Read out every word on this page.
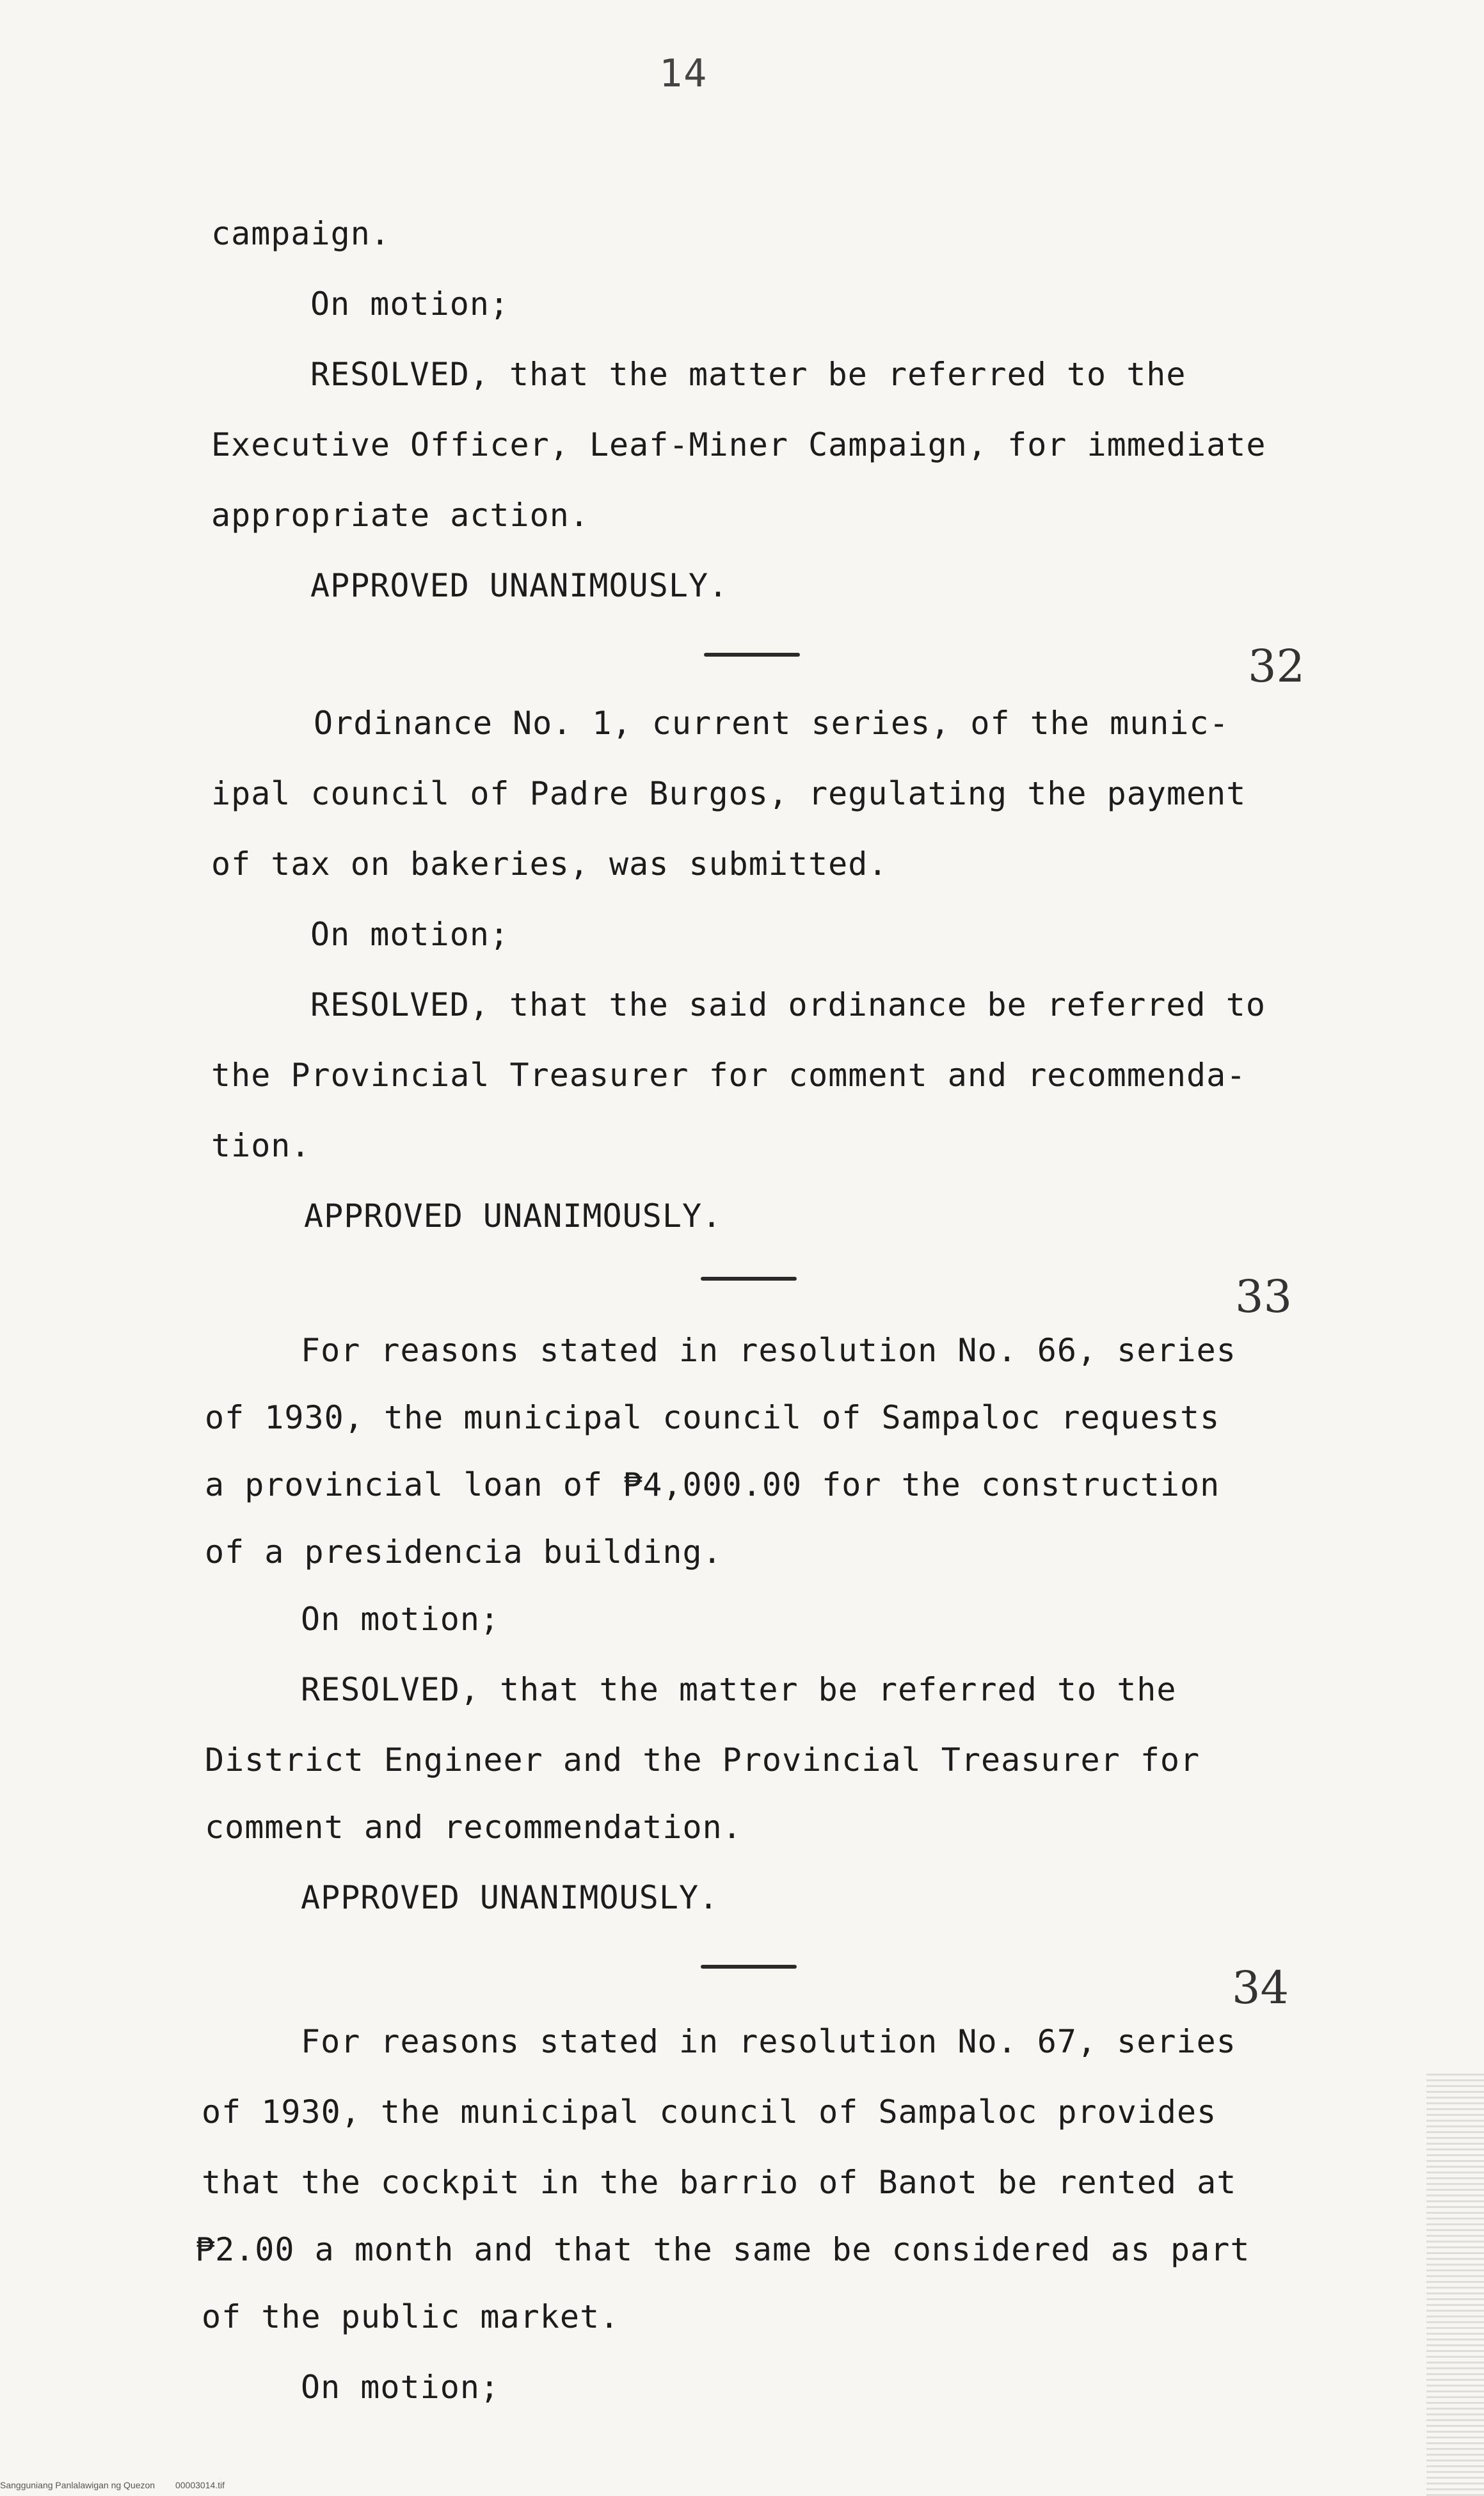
14
campaign.
On motion;
RESOLVED, that the matter be referred to the
Executive Officer, Leaf-Miner Campaign, for immediate
appropriate action.
APPROVED UNANIMOUSLY.
32
Ordinance No. 1, current series, of the munic-
ipal council of Padre Burgos, regulating the payment
of tax on bakeries, was submitted.
On motion;
RESOLVED, that the said ordinance be referred to
the Provincial Treasurer for comment and recommenda-
tion.
APPROVED UNANIMOUSLY.
33
For reasons stated in resolution No. 66, series
of 1930, the municipal council of Sampaloc requests
a provincial loan of ₱4,000.00 for the construction
of a presidencia building.
On motion;
RESOLVED, that the matter be referred to the
District Engineer and the Provincial Treasurer for
comment and recommendation.
APPROVED UNANIMOUSLY.
34
For reasons stated in resolution No. 67, series
of 1930, the municipal council of Sampaloc provides
that the cockpit in the barrio of Banot be rented at
₱2.00 a month and that the same be considered as part
of the public market.
On motion;
Sangguniang Panlalawigan ng Quezon 00003014.tif
